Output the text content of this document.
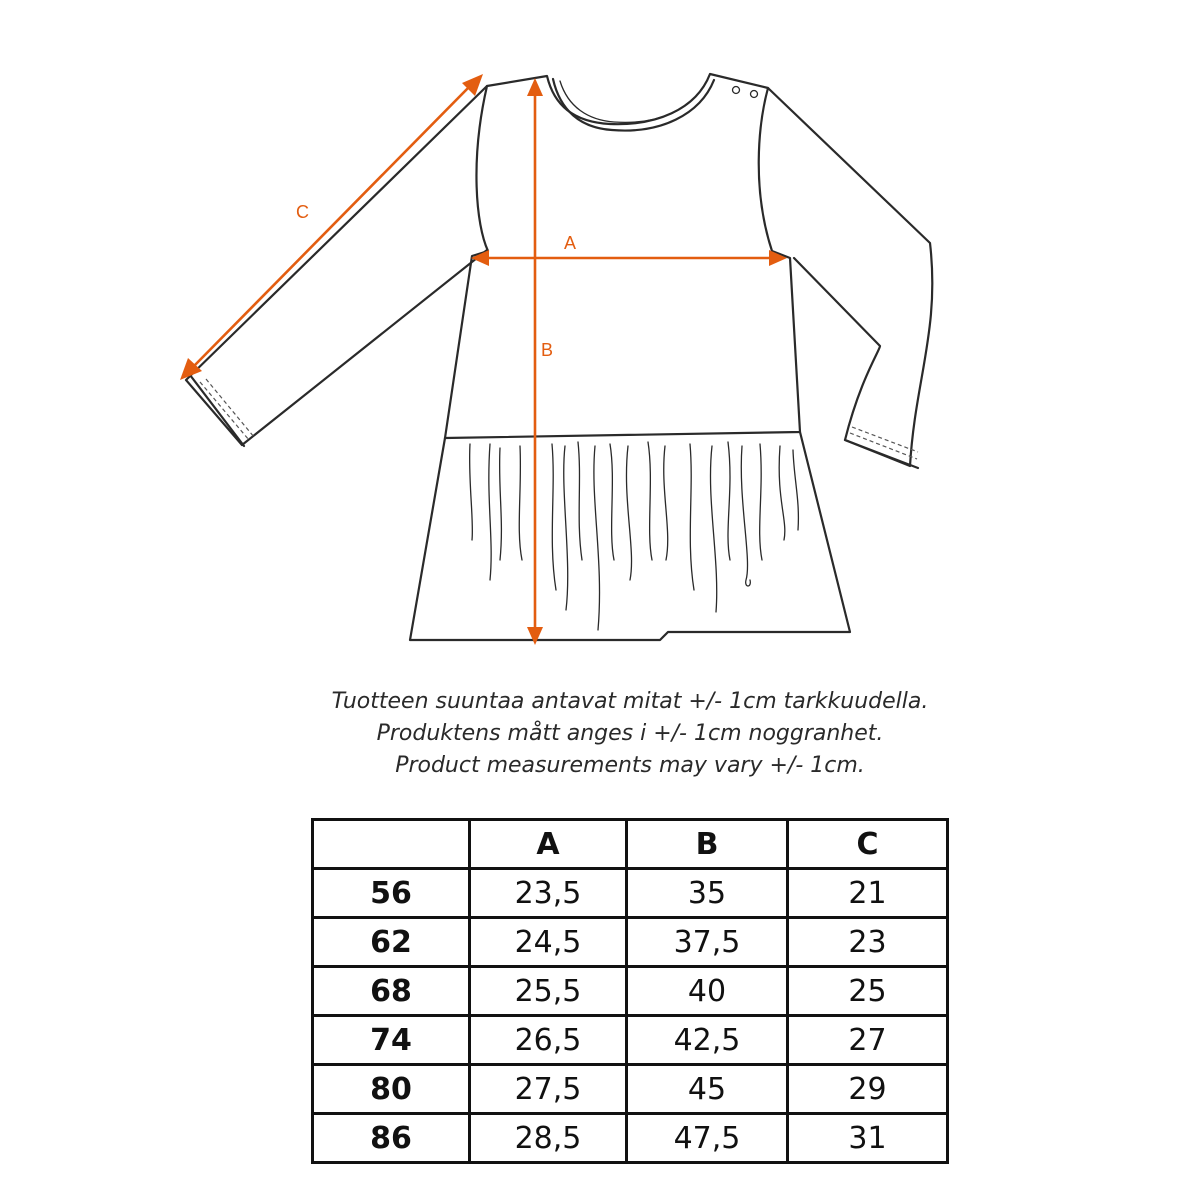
C
A
B
Tuotteen suuntaa antavat mitat +/- 1cm tarkkuudella.
Produktens mått anges i +/- 1cm noggranhet.
Product measurements may vary +/- 1cm.
	A	B	C
56	23,5	35	21
62	24,5	37,5	23
68	25,5	40	25
74	26,5	42,5	27
80	27,5	45	29
86	28,5	47,5	31
